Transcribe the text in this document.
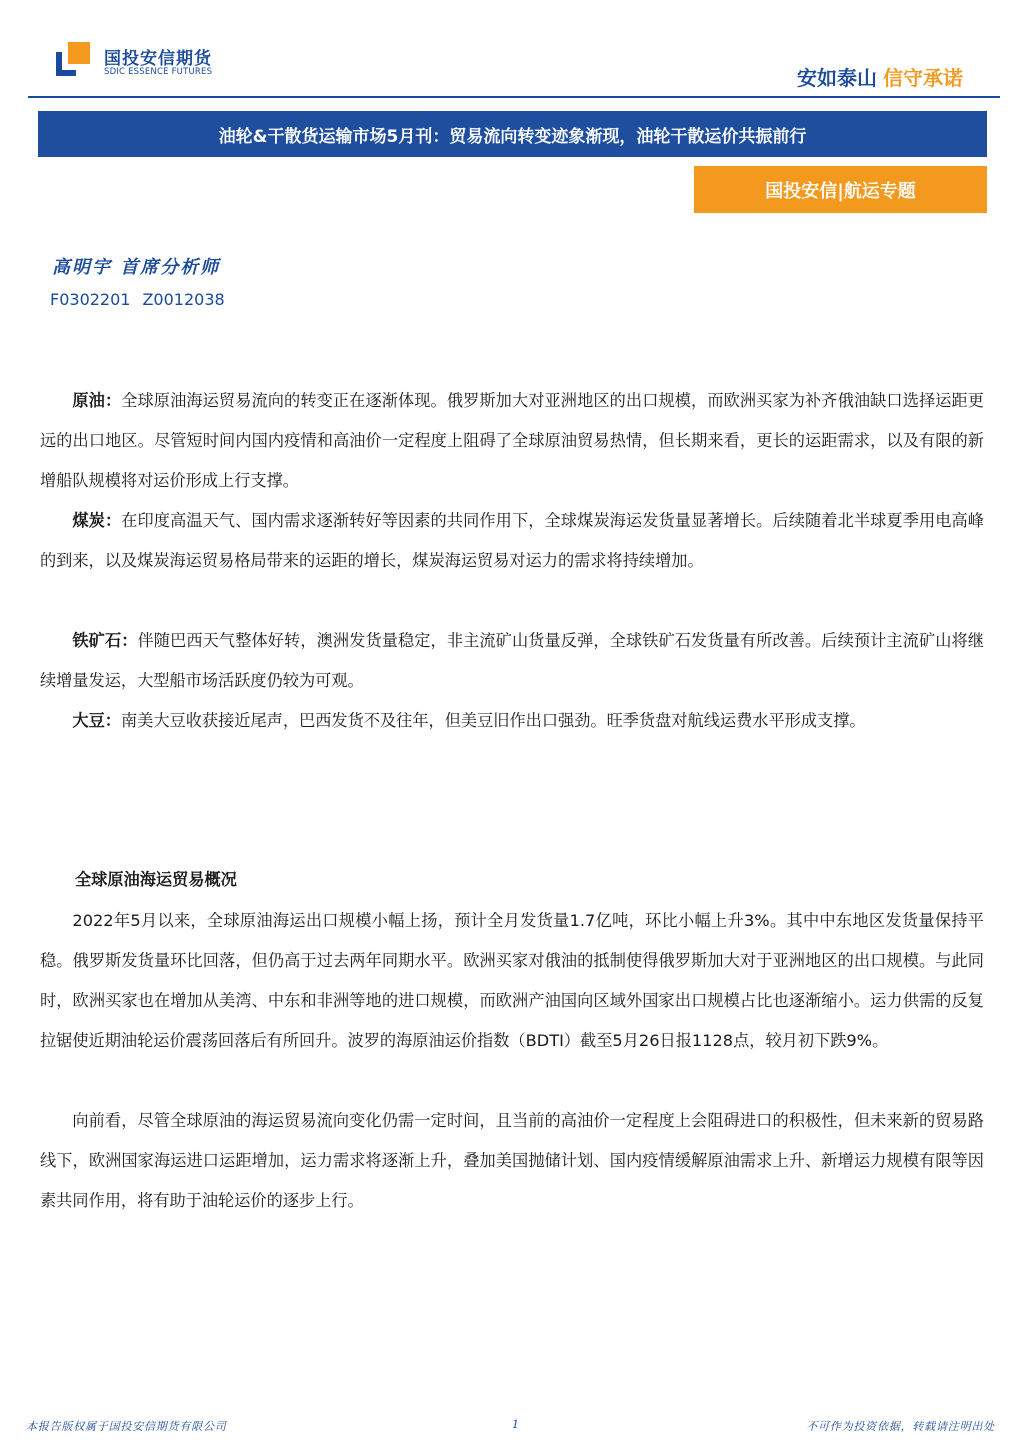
国投安信期货
SDIC ESSENCE FUTURES	安如泰山 信守承诺
油轮&干散货运输市场5月刊：贸易流向转变迹象渐现，油轮干散运价共振前行
国投安信|航运专题
高明宇 首席分析师
F0302201 Z0012038
原油：全球原油海运贸易流向的转变正在逐渐体现。俄罗斯加大对亚洲地区的出口规模，而欧洲买家为补齐俄油缺口选择运距更远的出口地区。尽管短时间内国内疫情和高油价一定程度上阻碍了全球原油贸易热情，但长期来看，更长的运距需求，以及有限的新增船队规模将对运价形成上行支撑。
煤炭：在印度高温天气、国内需求逐渐转好等因素的共同作用下，全球煤炭海运发货量显著增长。后续随着北半球夏季用电高峰的到来，以及煤炭海运贸易格局带来的运距的增长，煤炭海运贸易对运力的需求将持续增加。
铁矿石：伴随巴西天气整体好转，澳洲发货量稳定，非主流矿山货量反弹，全球铁矿石发货量有所改善。后续预计主流矿山将继续增量发运，大型船市场活跃度仍较为可观。
大豆：南美大豆收获接近尾声，巴西发货不及往年，但美豆旧作出口强劲。旺季货盘对航线运费水平形成支撑。
全球原油海运贸易概况
2022年5月以来，全球原油海运出口规模小幅上扬，预计全月发货量1.7亿吨，环比小幅上升3%。其中中东地区发货量保持平稳。俄罗斯发货量环比回落，但仍高于过去两年同期水平。欧洲买家对俄油的抵制使得俄罗斯加大对于亚洲地区的出口规模。与此同时，欧洲买家也在增加从美湾、中东和非洲等地的进口规模，而欧洲产油国向区域外国家出口规模占比也逐渐缩小。运力供需的反复拉锯使近期油轮运价震荡回落后有所回升。波罗的海原油运价指数（BDTI）截至5月26日报1128点，较月初下跌9%。
向前看，尽管全球原油的海运贸易流向变化仍需一定时间，且当前的高油价一定程度上会阻碍进口的积极性，但未来新的贸易路线下，欧洲国家海运进口运距增加，运力需求将逐渐上升，叠加美国抛储计划、国内疫情缓解原油需求上升、新增运力规模有限等因素共同作用，将有助于油轮运价的逐步上行。
本报告版权属于国投安信期货有限公司	1	不可作为投资依据，转载请注明出处
